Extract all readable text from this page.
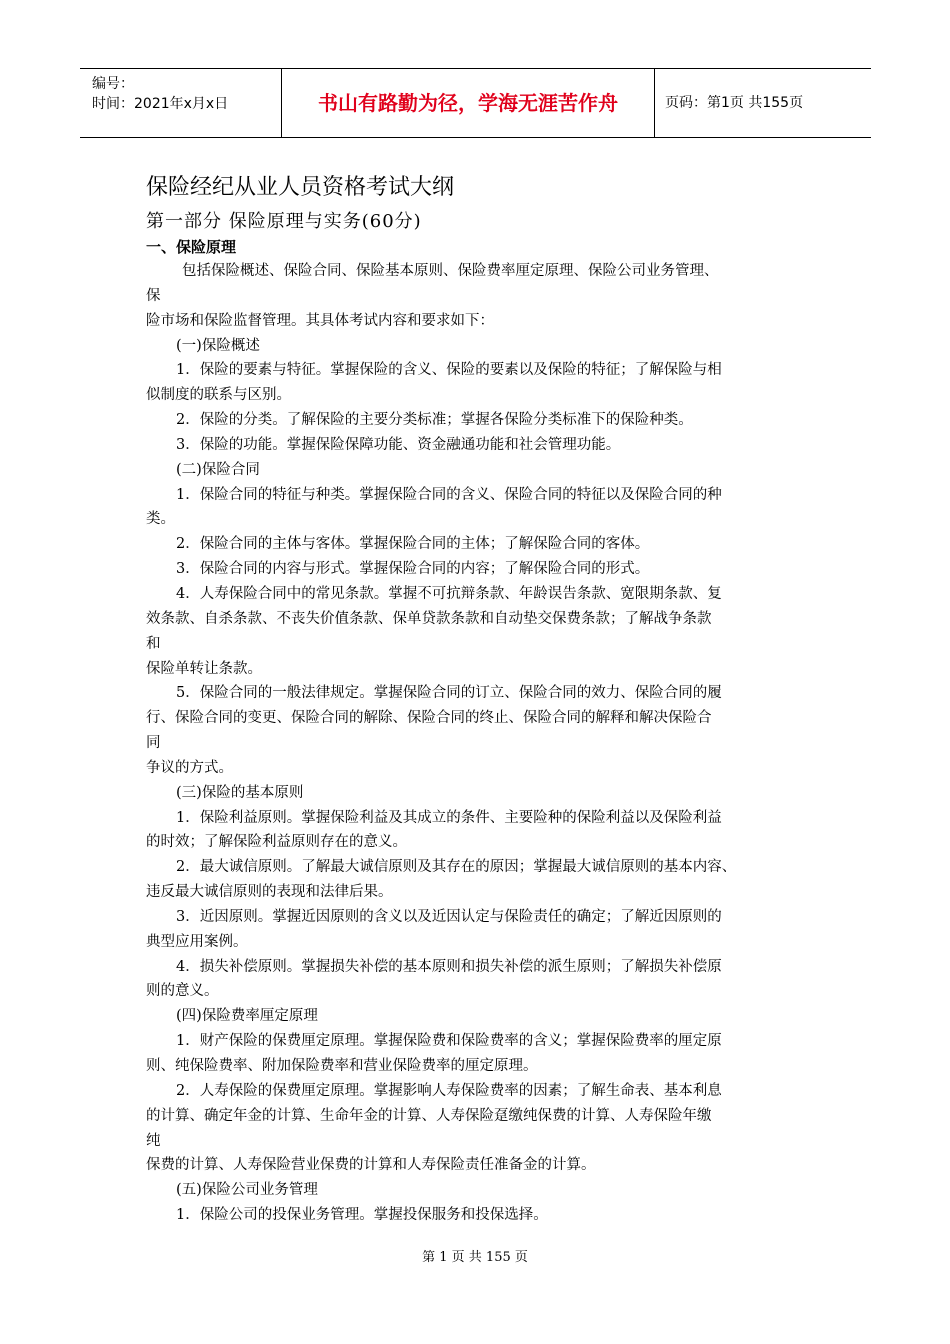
编号：
时间：2021年x月x日	书山有路勤为径，学海无涯苦作舟	页码：第1页 共155页
保险经纪从业人员资格考试大纲
第一部分 保险原理与实务(60分)
一、保险原理
包括保险概述、保险合同、保险基本原则、保险费率厘定原理、保险公司业务管理、
保
险市场和保险监督管理。其具体考试内容和要求如下：
(一)保险概述
1．保险的要素与特征。掌握保险的含义、保险的要素以及保险的特征；了解保险与相
似制度的联系与区别。
2．保险的分类。了解保险的主要分类标准；掌握各保险分类标准下的保险种类。
3．保险的功能。掌握保险保障功能、资金融通功能和社会管理功能。
(二)保险合同
1．保险合同的特征与种类。掌握保险合同的含义、保险合同的特征以及保险合同的种
类。
2．保险合同的主体与客体。掌握保险合同的主体；了解保险合同的客体。
3．保险合同的内容与形式。掌握保险合同的内容；了解保险合同的形式。
4．人寿保险合同中的常见条款。掌握不可抗辩条款、年龄误告条款、宽限期条款、复
效条款、自杀条款、不丧失价值条款、保单贷款条款和自动垫交保费条款；了解战争条款
和
保险单转让条款。
5．保险合同的一般法律规定。掌握保险合同的订立、保险合同的效力、保险合同的履
行、保险合同的变更、保险合同的解除、保险合同的终止、保险合同的解释和解决保险合
同
争议的方式。
(三)保险的基本原则
1．保险利益原则。掌握保险利益及其成立的条件、主要险种的保险利益以及保险利益
的时效；了解保险利益原则存在的意义。
2．最大诚信原则。了解最大诚信原则及其存在的原因；掌握最大诚信原则的基本内容、
违反最大诚信原则的表现和法律后果。
3．近因原则。掌握近因原则的含义以及近因认定与保险责任的确定；了解近因原则的
典型应用案例。
4．损失补偿原则。掌握损失补偿的基本原则和损失补偿的派生原则；了解损失补偿原
则的意义。
(四)保险费率厘定原理
1．财产保险的保费厘定原理。掌握保险费和保险费率的含义；掌握保险费率的厘定原
则、纯保险费率、附加保险费率和营业保险费率的厘定原理。
2．人寿保险的保费厘定原理。掌握影响人寿保险费率的因素；了解生命表、基本利息
的计算、确定年金的计算、生命年金的计算、人寿保险趸缴纯保费的计算、人寿保险年缴
纯
保费的计算、人寿保险营业保费的计算和人寿保险责任准备金的计算。
(五)保险公司业务管理
1．保险公司的投保业务管理。掌握投保服务和投保选择。
第 1 页 共 155 页
